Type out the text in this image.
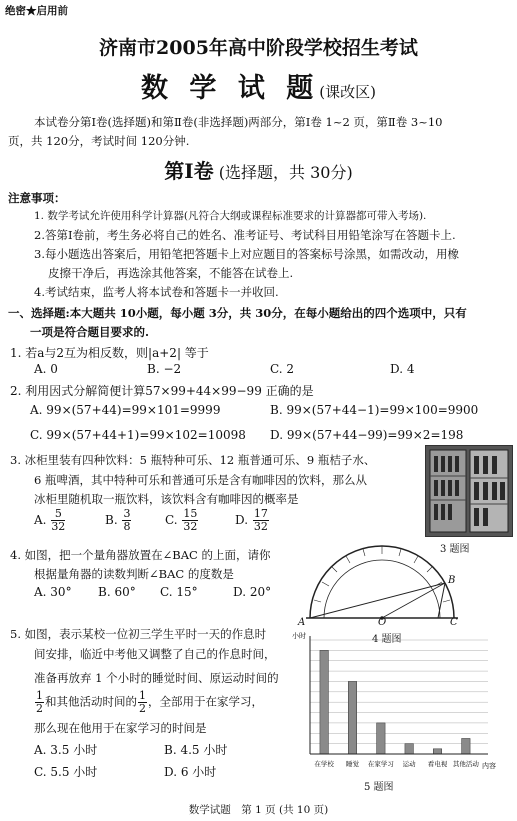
绝密★启用前
济南市2005年高中阶段学校招生考试
数 学 试 题(课改区)
本试卷分第Ⅰ卷(选择题)和第Ⅱ卷(非选择题)两部分，第Ⅰ卷 1~2 页，第Ⅱ卷 3~10
页，共 120分，考试时间 120分钟.
第Ⅰ卷 (选择题，共 30分)
注意事项：
1. 数学考试允许使用科学计算器(凡符合大纲或课程标准要求的计算器都可带入考场).
2.答第Ⅰ卷前，考生务必将自己的姓名、准考证号、考试科目用铅笔涂写在答题卡上.
3.每小题选出答案后，用铅笔把答题卡上对应题目的答案标号涂黑，如需改动，用橡
皮擦干净后，再选涂其他答案，不能答在试卷上.
4.考试结束，监考人将本试卷和答题卡一并收回.
一、选择题:本大题共 10小题，每小题 3分，共 30分，在每小题给出的四个选项中，只有
一项是符合题目要求的.
1. 若a与2互为相反数，则|a+2| 等于
A. 0	B. −2	C. 2	D. 4
2. 利用因式分解简便计算57×99+44×99−99 正确的是
A. 99×(57+44)=99×101=9999	B. 99×(57+44−1)=99×100=9900
C. 99×(57+44+1)=99×102=10098 D. 99×(57+44−99)=99×2=198
3. 冰柜里装有四种饮料：5 瓶特种可乐、12 瓶普通可乐、9 瓶桔子水、
6 瓶啤酒，其中特种可乐和普通可乐是含有咖啡因的饮料，那么从
冰柜里随机取一瓶饮料，该饮料含有咖啡因的概率是
A. $\frac{5}{32}$	B. $\frac{3}{8}$	C. $\frac{15}{32}$	D. $\frac{17}{32}$
3 题图
4. 如图，把一个量角器放置在∠BAC 的上面，请你
根据量角器的读数判断∠BAC 的度数是
A. 30° B. 60° C. 15°	D. 20°
A	O	C
B
4 题图
5. 如图，表示某校一位初三学生平时一天的作息时
间安排，临近中考他又调整了自己的作息时间，
准备再放弃 1 个小时的睡觉时间、原运动时间的
$\frac{1}{2}$ 和其他活动时间的 $\frac{1}{2}$ ，全部用于在家学习，
那么现在他用于在家学习的时间是
A. 3.5 小时	B. 4.5 小时
C. 5.5 小时	D. 6 小时
在学校 睡觉 在家学习 运动 看电视 其他活动
小时
内容
5 题图
数学试题　第 1 页 (共 10 页)
